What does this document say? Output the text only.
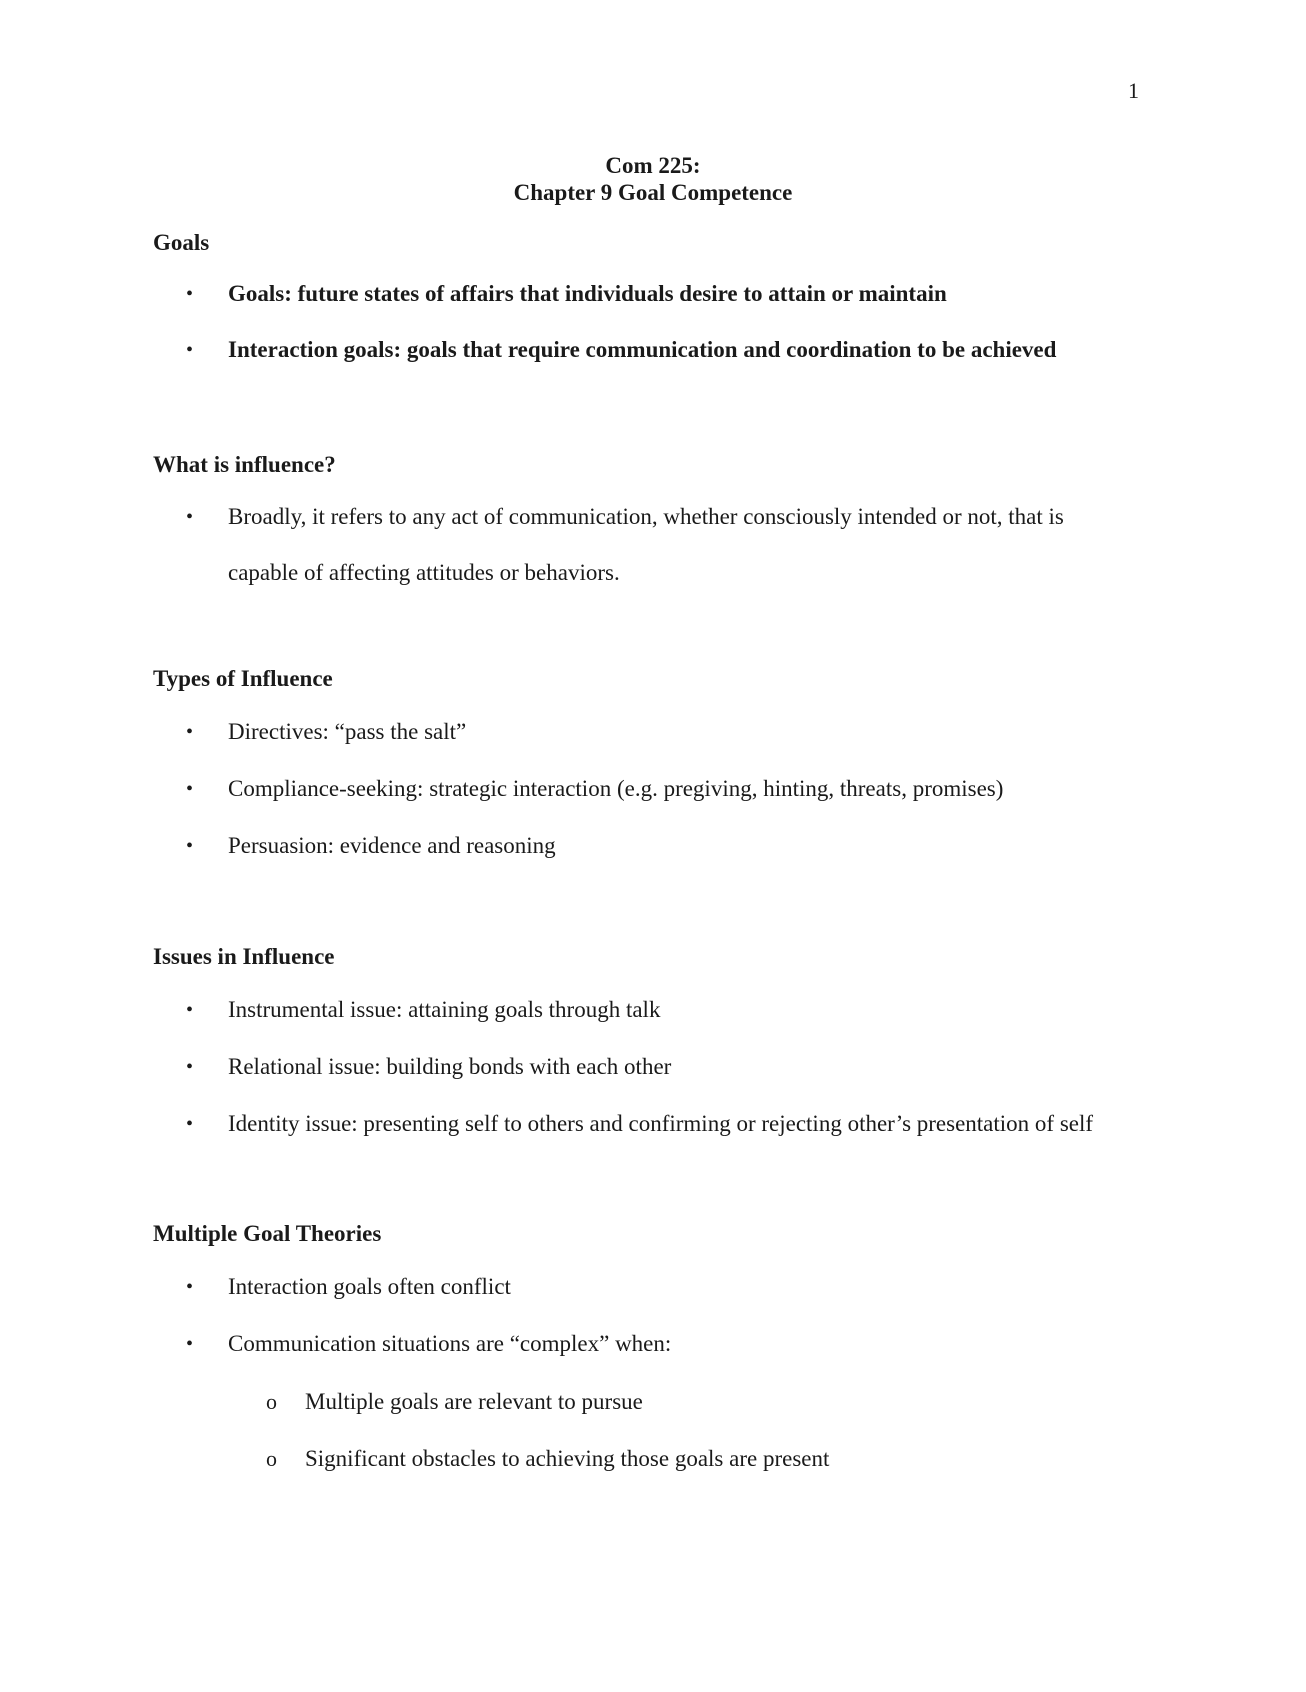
1
Com 225:
Chapter 9 Goal Competence
Goals
• Goals: future states of affairs that individuals desire to attain or maintain
• Interaction goals: goals that require communication and coordination to be achieved
What is influence?
• Broadly, it refers to any act of communication, whether consciously intended or not, that is capable of affecting attitudes or behaviors.
Types of Influence
• Directives: “pass the salt”
• Compliance-seeking: strategic interaction (e.g. pregiving, hinting, threats, promises)
• Persuasion: evidence and reasoning
Issues in Influence
• Instrumental issue: attaining goals through talk
• Relational issue: building bonds with each other
• Identity issue: presenting self to others and confirming or rejecting other’s presentation of self
Multiple Goal Theories
• Interaction goals often conflict
• Communication situations are “complex” when:
o Multiple goals are relevant to pursue
o Significant obstacles to achieving those goals are present
